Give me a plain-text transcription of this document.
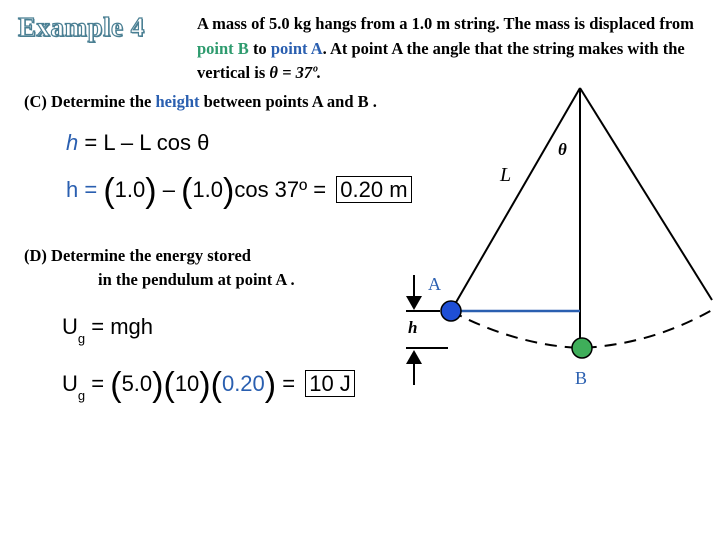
Example 4	A mass of 5.0 kg hangs from a 1.0 m string. The mass is displaced from point B to point A. At point A the angle that the string makes with the vertical is θ = 37º.
(C) Determine the height between points A and B .
h = L – L cos θ
h = (1.0) – (1.0)cos 37º = 0.20 m
(D) Determine the energy stored
in the pendulum at point A .
$U_g$ = mgh
$U_g = (5.0)(10)(0.20) = 10$ J
L
θ
A
B
h
